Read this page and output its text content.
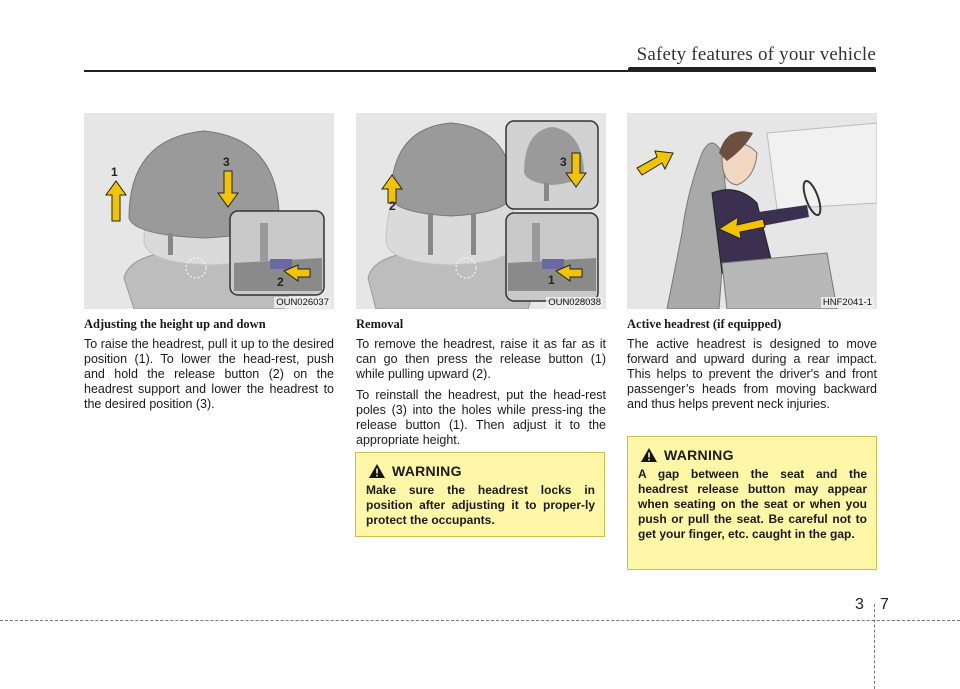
Safety features of your vehicle
1
3
2
OUN026037
2
3
1
OUN028038	HNF2041-1
Adjusting the height up and down

To raise the headrest, pull it up to the desired position (1). To lower the head-rest, push and hold the release button (2) on the headrest support and lower the headrest to the desired position (3).

Removal

To remove the headrest, raise it as far as it can go then press the release button (1) while pulling upward (2).

To reinstall the headrest, put the head-rest poles (3) into the holes while press-ing the release button (1). Then adjust it to the appropriate height.

Active headrest (if equipped)

The active headrest is designed to move forward and upward during a rear impact. This helps to prevent the driver's and front passenger’s heads from moving backward and thus helps prevent neck injuries.

WARNING
Make sure the headrest locks in position after adjusting it to proper-ly protect the occupants.
WARNING
A gap between the seat and the headrest release button may appear when seating on the seat or when you push or pull the seat. Be careful not to get your finger, etc. caught in the gap.
3 7
